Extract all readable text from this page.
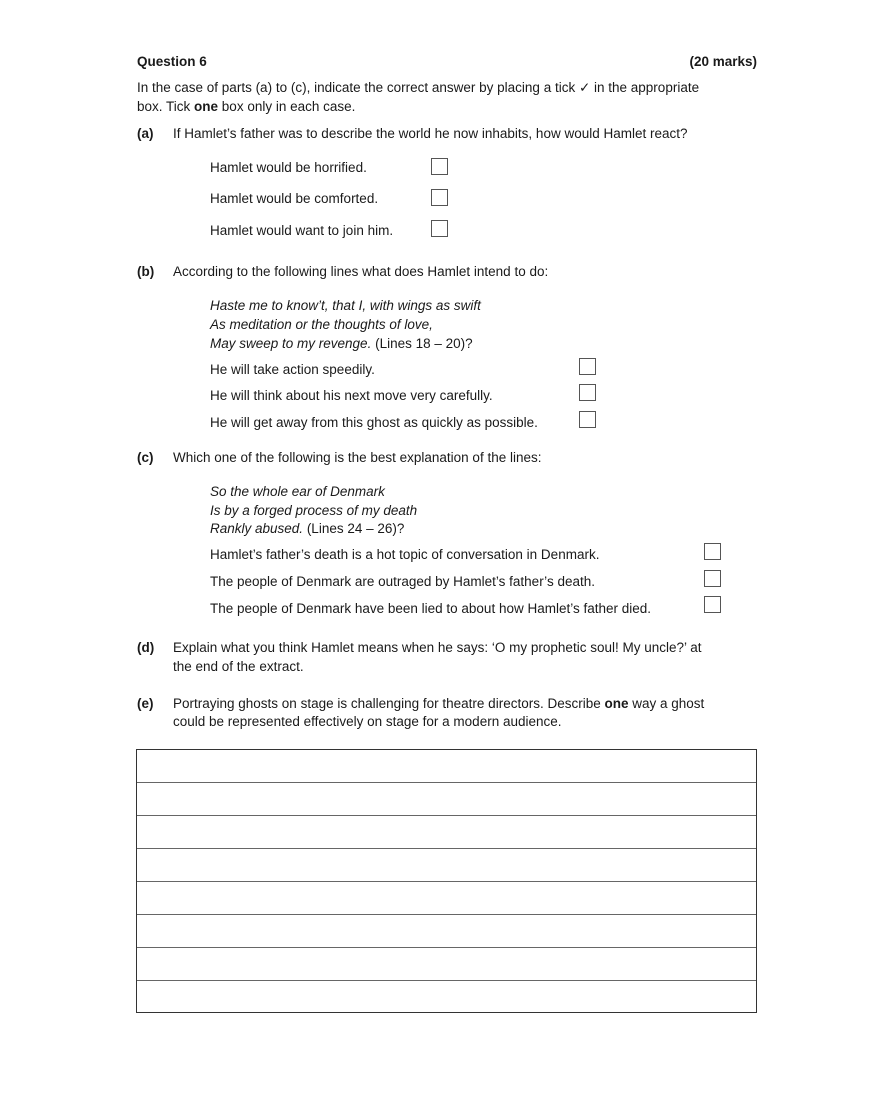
Question 6	(20 marks)
In the case of parts (a) to (c), indicate the correct answer by placing a tick ✓ in the appropriate
box. Tick one box only in each case.
(a) If Hamlet’s father was to describe the world he now inhabits, how would Hamlet react?
Hamlet would be horrified.
Hamlet would be comforted.
Hamlet would want to join him.
(b) According to the following lines what does Hamlet intend to do:
Haste me to know’t, that I, with wings as swift
As meditation or the thoughts of love,
May sweep to my revenge. (Lines 18 – 20)?
He will take action speedily.
He will think about his next move very carefully.
He will get away from this ghost as quickly as possible.
(c) Which one of the following is the best explanation of the lines:
So the whole ear of Denmark
Is by a forged process of my death
Rankly abused. (Lines 24 – 26)?
Hamlet’s father’s death is a hot topic of conversation in Denmark.
The people of Denmark are outraged by Hamlet’s father’s death.
The people of Denmark have been lied to about how Hamlet’s father died.
(d) Explain what you think Hamlet means when he says: ‘O my prophetic soul! My uncle?’ at
the end of the extract.
(e) Portraying ghosts on stage is challenging for theatre directors. Describe one way a ghost
could be represented effectively on stage for a modern audience.
